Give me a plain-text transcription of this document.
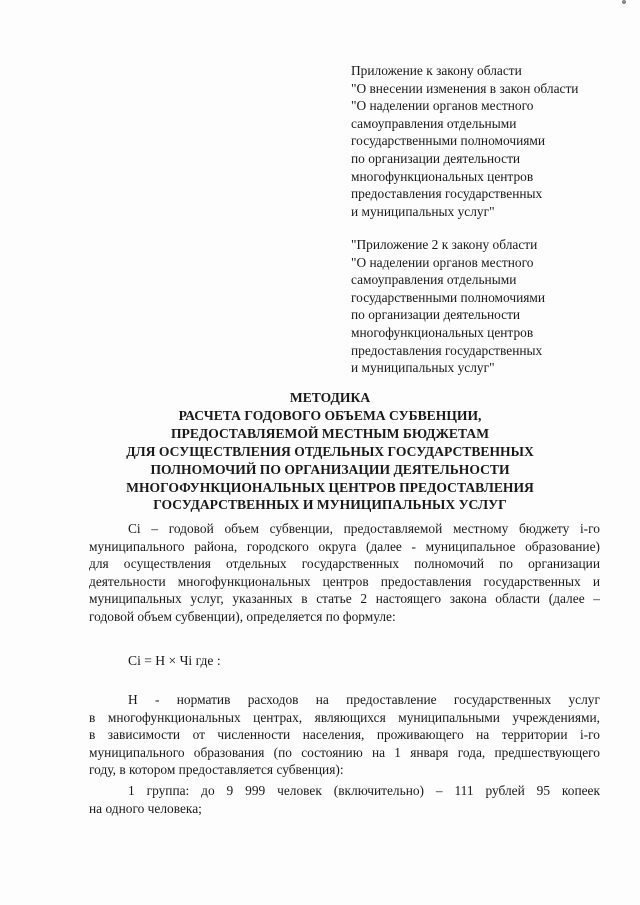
Приложение к закону области
"О внесении изменения в закон области
"О наделении органов местного
самоуправления отдельными
государственными полномочиями
по организации деятельности
многофункциональных центров
предоставления государственных
и муниципальных услуг"
"Приложение 2 к закону области
"О наделении органов местного
самоуправления отдельными
государственными полномочиями
по организации деятельности
многофункциональных центров
предоставления государственных
и муниципальных услуг"
МЕТОДИКА
РАСЧЕТА ГОДОВОГО ОБЪЕМА СУБВЕНЦИИ,
ПРЕДОСТАВЛЯЕМОЙ МЕСТНЫМ БЮДЖЕТАМ
ДЛЯ ОСУЩЕСТВЛЕНИЯ ОТДЕЛЬНЫХ ГОСУДАРСТВЕННЫХ
ПОЛНОМОЧИЙ ПО ОРГАНИЗАЦИИ ДЕЯТЕЛЬНОСТИ
МНОГОФУНКЦИОНАЛЬНЫХ ЦЕНТРОВ ПРЕДОСТАВЛЕНИЯ
ГОСУДАРСТВЕННЫХ И МУНИЦИПАЛЬНЫХ УСЛУГ
Ci – годовой объем субвенции, предоставляемой местному бюджету i-го
муниципального района, городского округа (далее - муниципальное образование)
для осуществления отдельных государственных полномочий по организации
деятельности многофункциональных центров предоставления государственных и
муниципальных услуг, указанных в статье 2 настоящего закона области (далее –
годовой объем субвенции), определяется по формуле:
Ci = Н × Чi где :
Н - норматив расходов на предоставление государственных услуг
в многофункциональных центрах, являющихся муниципальными учреждениями,
в зависимости от численности населения, проживающего на территории i-го
муниципального образования (по состоянию на 1 января года, предшествующего
году, в котором предоставляется субвенция):
1 группа: до 9 999 человек (включительно) – 111 рублей 95 копеек
на одного человека;
